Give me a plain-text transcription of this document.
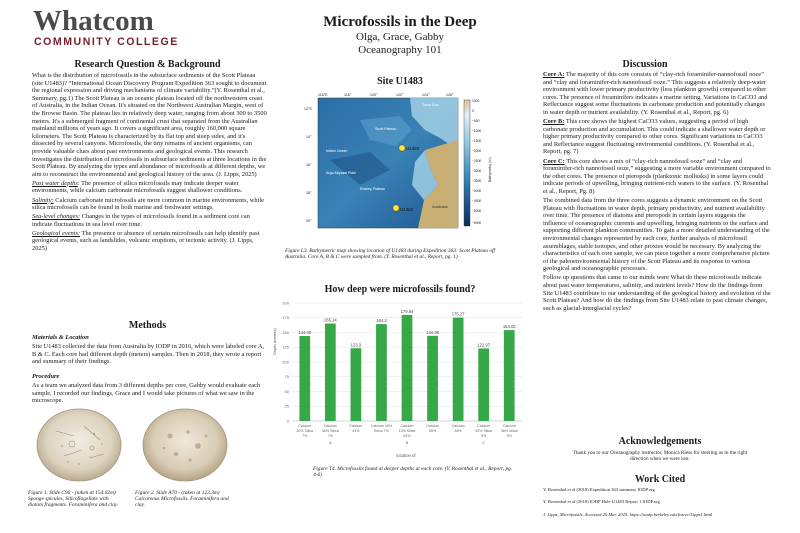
Whatcom
COMMUNITY COLLEGE
Microfossils in the Deep
Olga, Grace, Gabby
Oceanography 101
Research Question & Background

What is the distribution of microfossils in the subsurface sediments of the Scott Plateau (site U1483)? “International Ocean Discovery Program Expedition 363 sought to document the regional expression and driving mechanisms of climate variability.”(Y. Rosenthal et al., Summary, pg.1) The Scott Plateau is an oceanic plateau located off the northwestern coast of Australia, in the Indian Ocean. It's situated on the Northwest Australian Margin, west of the Browse Basin. The plateau lies in relatively deep water, ranging from about 300 to 3500 meters. It's a submerged fragment of continental crust that separated from the Australian mainland millions of years ago. It covers a significant area, roughly 160,000 square kilometers. The Scott Plateau is characterized by its flat top and steep sides, and it's dissected by several canyons. Microfossils, the tiny remains of ancient organisms, can provide valuable clues about past environments and geological events. This research investigates the distribution of microfossils in subsurface sediments at three locations in the Scott Plateau. By analyzing the types and abundance of microfossils at different depths, we aim to reconstruct the environmental and geological history of the area. (J. Lipps, 2025)

Past water depths: The presence of silica microfossils may indicate deeper water environments, while calcium carbonate microfossils suggest shallower conditions.

Salinity: Calcium carbonate microfossils are more common in marine environments, while silica microfossils can be found in both marine and freshwater settings.

Sea-level changes: Changes in the types of microfossils found in a sediment core can indicate fluctuations in sea level over time.

Geological events: The presence or absence of certain microfossils can help identify past geological events, such as landslides, volcanic eruptions, or tectonic activity. (J. Lipps, 2025)

Methods
Materials & Location
Site U1483 collected the data from Australia by IODP in 2016, which were labeled core A, B & C. Each core had different depth (meters) samples. Then in 2018, they wrote a report and summary of their findings.
Procedure
As a team we analyzed data from 3 different depths per core, Gabby would evaluate each sample, I recorded our findings, Grace and I would take pictures of what we saw in the microscope.
Figure 1. Slide C90 - (taken at 154.02m) Sponge spicules, Silicoflagellate with diatom fragments. Foraminifera and clay.
Figure 2. Slide A70 - (taken at 123.3m) Calcareous Microfossils. Foraminifera and clay.
Site U1483
U1483
U1482
Timor Sea
Scott Plateau
Rowley Plateau
Indian Ocean
Argo Abyssal Plain
Australia
116°E	118°	120°	122°	124°	126°
12°S
14°
16°
18°
20°
1000
0
−500
−1000
−1500
−2000
−2500
−3000
−3500
−4000
−4500
−5000
−6000
Bathymetry (m)
Figure L3. Bathymetric map showing location of U1483 during Expedition 363: Scott Plateau off Australia. Core A, B & C were sampled from. (Y. Rosenthal et al., Report, pg. 1)
How deep were microfossils found?
Depth (meters)
0
25
50
75
100
125
150
175
200
144.00
Calcium
30% Silica
7%
165.14
Calcium
36% Silica
7%
123.3
Calcium
43%
164.2
Calcium 40%
Silica 7%
179.84
Calcium
13% Silica
54%
144.36
Calcium
55%
175.27
Calcium
48%
122.97
Calcium
43% Silica
5%
154.02
Calcium
36% Silica
5%
A	B	C
location of
Figure T4. Microfossils found at deeper depths at each core. (Y. Rosenthal et al., Report, pg. 4-6)
Discussion

Core A: The majority of this core consists of “clay-rich foraminifer-nannofossil ooze” and “clay and foraminifer-rich nannofossil ooze.” This suggests a relatively deep-water environment with lower primary productivity (less plankton growth) compared to other cores. The presence of foraminifers indicates a marine setting. Variations in CaCO3 and Reflectance suggest some fluctuations in carbonate production and potentially changes in water depth or nutrient availability. (Y. Rosenthal et al., Report, pg. 6)

Core B: This core shows the highest CaCO3 values, suggesting a period of high carbonate production and accumulation. This could indicate a shallower water depth or higher primary productivity compared to other cores. Significant variations in CaCO3 and Reflectance suggest fluctuating environmental conditions. (Y. Rosenthal et al., Report, pg. 7)

Core C: This core shows a mix of “clay-rich nannofossil ooze” and “clay and foraminifer-rich nannofossil ooze,” suggesting a more variable environment compared to the other cores. The presence of pteropods (planktonic mollusks) in some layers could indicate periods of upwelling, bringing nutrient-rich waters to the surface. (Y. Rosenthal et al., Report, Pg. 8)

The combined data from the three cores suggests a dynamic environment on the Scott Plateau with fluctuations in water depth, primary productivity, and nutrient availability over time. The presence of diatoms and pteropods in certain layers suggests the influence of oceanographic currents and upwelling, bringing nutrients to the surface and supporting different plankton communities. To gain a more detailed understanding of the environmental changes represented by each core, further analysis of microfossil assemblages, stable isotopes, and other proxies would be necessary. By analyzing the characteristics of each core sample, we can piece together a more comprehensive picture of the paleoenvironmental history of the Scott Plateau and its response to various geological and oceanographic processes.

Follow up questions that came to our minds were What do these microfossils indicate about past water temperatures, salinity, and nutrient levels? How do the findings from Site U1483 contribute to our understanding of the geological history and evolution of the Scott Plateau? And how do the findings from Site U1483 relate to past climate changes, such as glacial-interglacial cycles?

Acknowledgements
Thank you to our Oceanography instructor, Monica Riess for steering us in the right direction when we were lost.
Work Cited
Y. Rosenthal et al (2018) Expedition 363 summary IODP.org
Y. Rosenthal et al (2018) IODP Hole U1483 Report 1 IODP.org
J. Lipps, Microfossils, Accessed 20 Mar. 2025. https://ucmp.berkeley.edu/fosrec/Lipps1.html
